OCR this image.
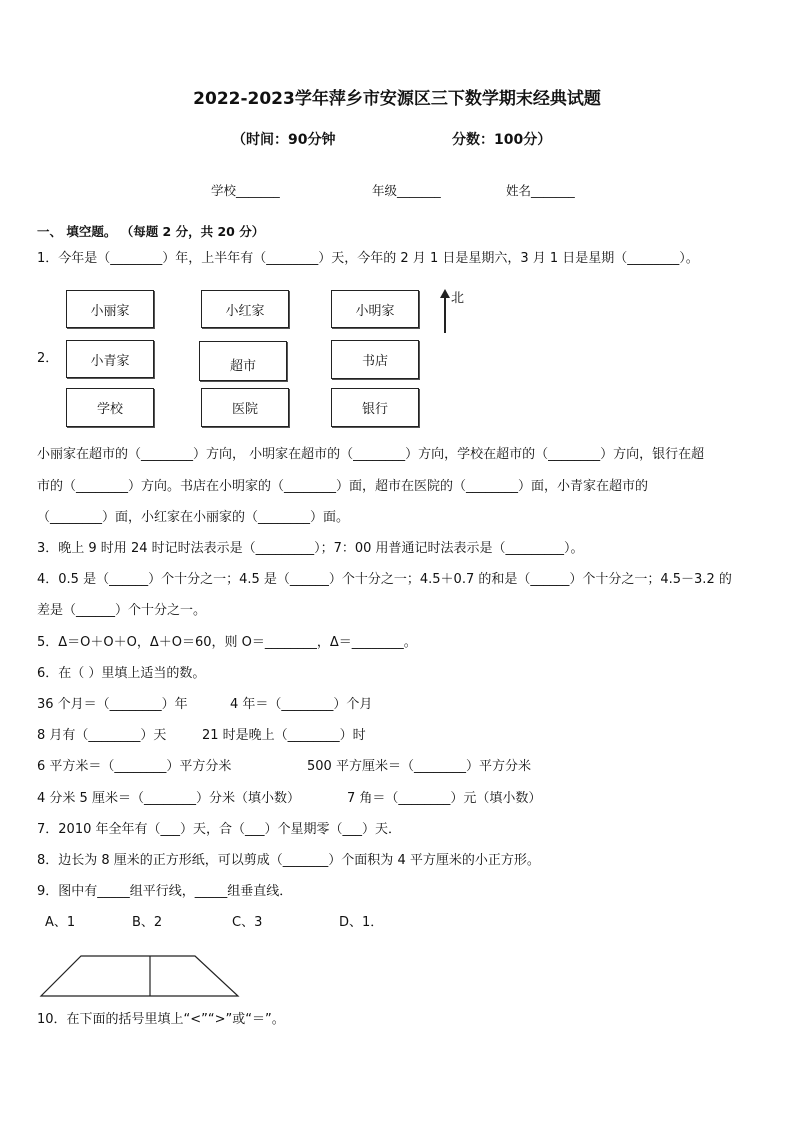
2022-2023学年萍乡市安源区三下数学期末经典试题
（时间：90分钟	分数：100分）
学校_______	年级_______	姓名_______
一、 填空题。 （每题 2 分，共 20 分）
1．今年是（________）年，上半年有（________）天，今年的 2 月 1 日是星期六，3 月 1 日是星期（________）。
2．
小丽家	小红家	小明家
小青家	超市	书店
学校	医院	银行
北
小丽家在超市的（________）方向， 小明家在超市的（________）方向，学校在超市的（________）方向，银行在超
市的（________）方向。书店在小明家的（________）面，超市在医院的（________）面，小青家在超市的
（________）面，小红家在小丽家的（________）面。
3．晚上 9 时用 24 时记时法表示是（_________）；7：00 用普通记时法表示是（_________）。
4．0.5 是（______）个十分之一；4.5 是（______）个十分之一；4.5＋0.7 的和是（______）个十分之一；4.5－3.2 的
差是（______）个十分之一。
5．Δ＝O＋O＋O，Δ＋O＝60，则 O＝________，Δ＝________。
6．在（ ）里填上适当的数。
36 个月＝（________）年	4 年＝（________）个月
8 月有（________）天	21 时是晚上（________）时
6 平方米＝（________）平方分米	500 平方厘米＝（________）平方分米
4 分米 5 厘米＝（________）分米（填小数）	7 角＝（________）元（填小数）
7．2010 年全年有（___）天，合（___）个星期零（___）天．
8．边长为 8 厘米的正方形纸，可以剪成（_______）个面积为 4 平方厘米的小正方形。
9．图中有_____组平行线，_____组垂直线．
A、1	B、2	C、3	D、1．
10．在下面的括号里填上“<”“>”或“＝”。
